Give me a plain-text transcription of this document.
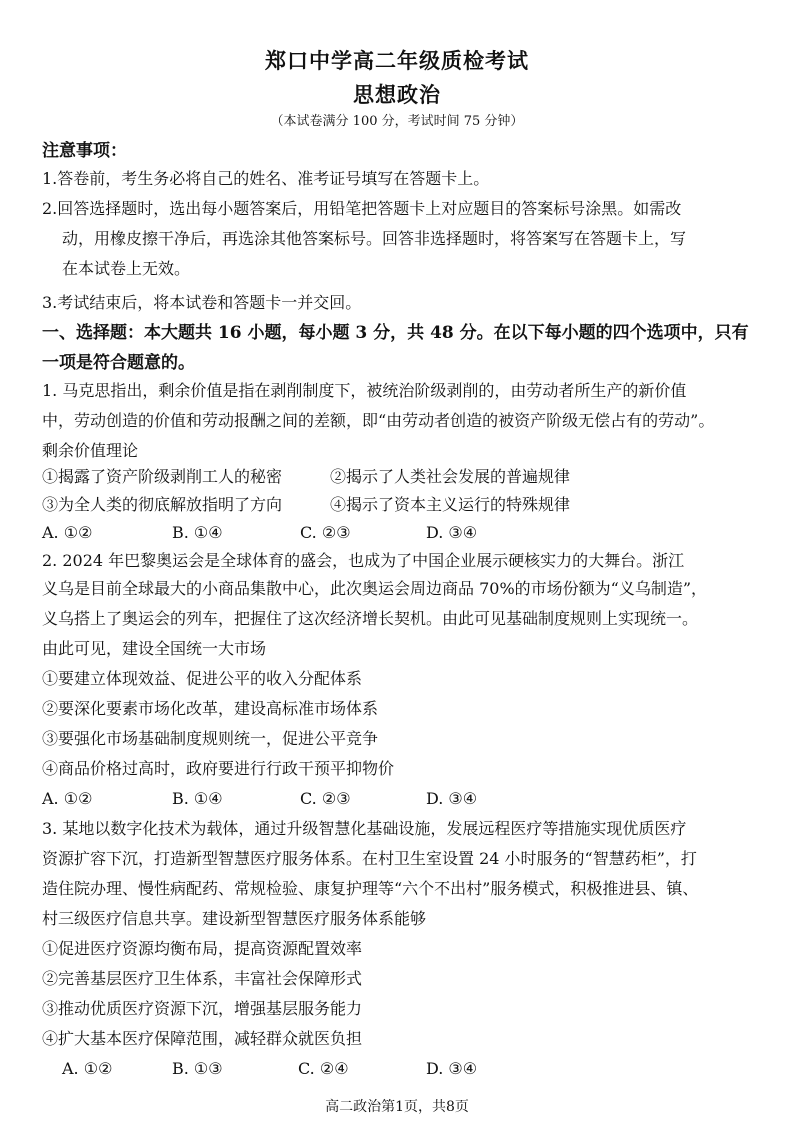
郑口中学高二年级质检考试
思想政治
（本试卷满分 100 分，考试时间 75 分钟）
注意事项：
1.答卷前，考生务必将自己的姓名、准考证号填写在答题卡上。
2.回答选择题时，选出每小题答案后，用铅笔把答题卡上对应题目的答案标号涂黑。如需改
动，用橡皮擦干净后，再选涂其他答案标号。回答非选择题时，将答案写在答题卡上，写
在本试卷上无效。
3.考试结束后，将本试卷和答题卡一并交回。
一、选择题：本大题共 16 小题，每小题 3 分，共 48 分。在以下每小题的四个选项中，只有
一项是符合题意的。
1. 马克思指出，剩余价值是指在剥削制度下，被统治阶级剥削的，由劳动者所生产的新价值
中，劳动创造的价值和劳动报酬之间的差额，即“由劳动者创造的被资产阶级无偿占有的劳动”。
剩余价值理论
①揭露了资产阶级剥削工人的秘密	②揭示了人类社会发展的普遍规律
③为全人类的彻底解放指明了方向	④揭示了资本主义运行的特殊规律
A. ①②	B. ①④	C. ②③	D. ③④
2. 2024 年巴黎奥运会是全球体育的盛会，也成为了中国企业展示硬核实力的大舞台。浙江
义乌是目前全球最大的小商品集散中心，此次奥运会周边商品 70%的市场份额为“义乌制造”，
义乌搭上了奥运会的列车，把握住了这次经济增长契机。由此可见基础制度规则上实现统一。
由此可见，建设全国统一大市场
①要建立体现效益、促进公平的收入分配体系
②要深化要素市场化改革，建设高标准市场体系
③要强化市场基础制度规则统一，促进公平竞争
④商品价格过高时，政府要进行行政干预平抑物价
A. ①②	B. ①④	C. ②③	D. ③④
3. 某地以数字化技术为载体，通过升级智慧化基础设施，发展远程医疗等措施实现优质医疗
资源扩容下沉，打造新型智慧医疗服务体系。在村卫生室设置 24 小时服务的“智慧药柜”，打
造住院办理、慢性病配药、常规检验、康复护理等“六个不出村”服务模式，积极推进县、镇、
村三级医疗信息共享。建设新型智慧医疗服务体系能够
①促进医疗资源均衡布局，提高资源配置效率
②完善基层医疗卫生体系，丰富社会保障形式
③推动优质医疗资源下沉，增强基层服务能力
④扩大基本医疗保障范围，减轻群众就医负担
A. ①②	B. ①③	C. ②④	D. ③④
高二政治第1页，共8页
